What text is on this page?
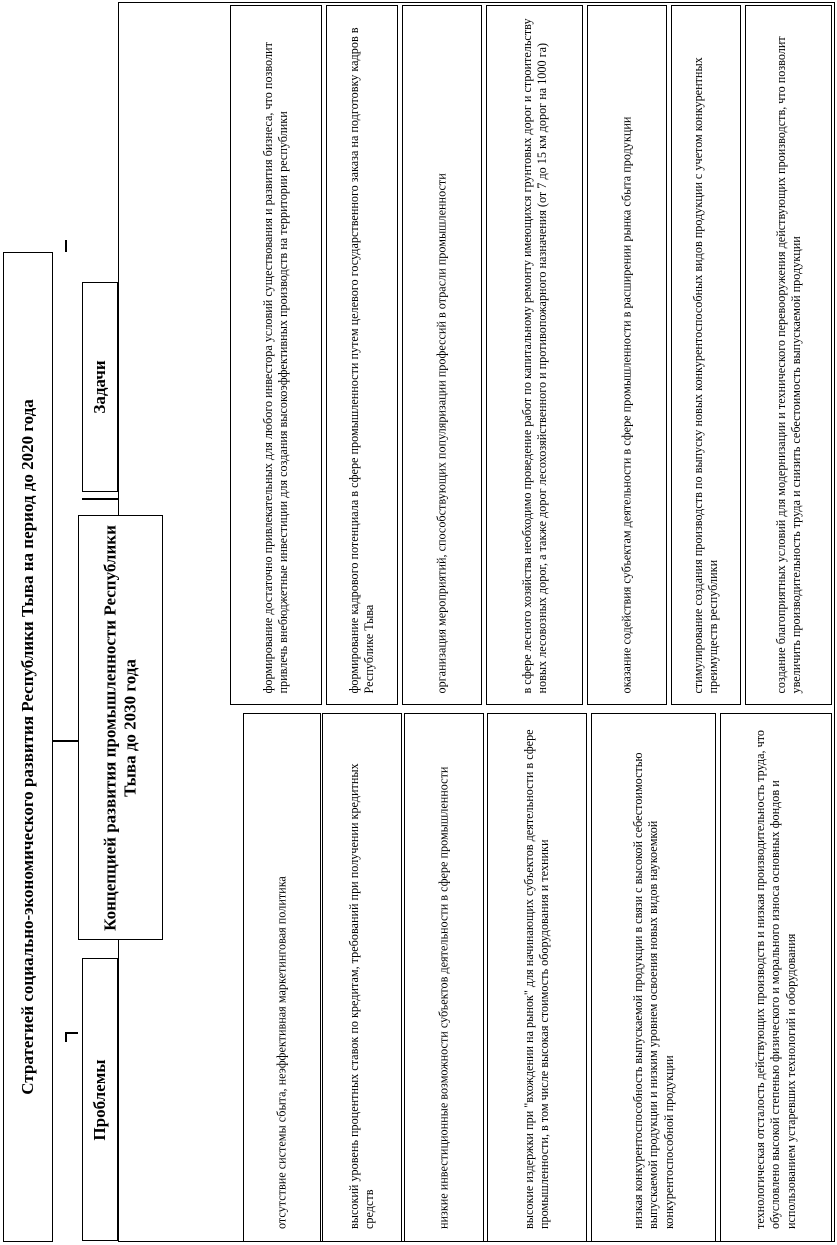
Стратегией социально-экономического развития Республики Тыва на период до 2020 года
Проблемы
Концепцией развития промышленности Республики Тыва до 2030 года
Задачи
отсутствие системы сбыта, неэффективная маркетинговая политика	высокий уровень процентных ставок по кредитам, требований при получении кредитных средств	низкие инвестиционные возможности субъектов деятельности в сфере промышленности	высокие издержки при "вхождении на рынок" для начинающих субъектов деятельности в сфере промышленности, в том числе высокая стоимость оборудования и техники	низкая конкурентоспособность выпускаемой продукции в связи с высокой себестоимостью выпускаемой продукции и низким уровнем освоения новых видов наукоемкой конкурентоспособной продукции	технологическая отсталость действующих производств и низкая производительность труда, что обусловлено высокой степенью физического и морального износа основных фондов и использованием устаревших технологий и оборудования
формирование достаточно привлекательных для любого инвестора условий существования и развития бизнеса, что позволит привлечь внебюджетные инвестиции для создания высокоэффективных производств на территории республики	формирование кадрового потенциала в сфере промышленности путем целевого государственного заказа на подготовку кадров в Республике Тыва	организация мероприятий, способствующих популяризации профессий в отрасли промышленности	в сфере лесного хозяйства необходимо проведение работ по капитальному ремонту имеющихся грунтовых дорог и строительству новых лесовозных дорог, а также дорог лесохозяйственного и противопожарного назначения (от 7 до 15 км дорог на 1000 га)	оказание содействия субъектам деятельности в сфере промышленности в расширении рынка сбыта продукции	стимулирование создания производств по выпуску новых конкурентоспособных видов продукции с учетом конкурентных преимуществ республики	создание благоприятных условий для модернизации и технического перевооружения действующих производств, что позволит увеличить производительность труда и снизить себестоимость выпускаемой продукции
